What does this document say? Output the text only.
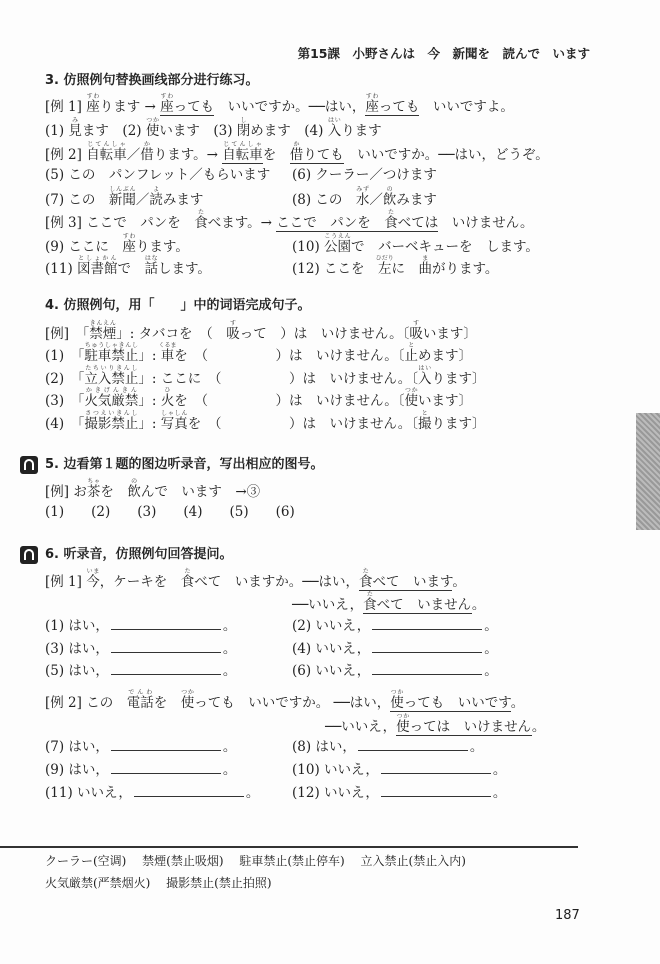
第15課　小野さんは　今　新聞を　読んで　います
3. 仿照例句替换画线部分进行练习。
4. 仿照例句，用「　　」中的词语完成句子。
5. 边看第１题的图边听录音，写出相应的图号。
6. 听录音，仿照例句回答提问。
[例 1] 座すわります → 座すわっても　いいですか。──はい，座すわっても　いいですよ。
(1) 見みます　(2) 使つかいます　(3) 閉しめます　(4) 入はいります
[例 2] 自転車じてんしゃ／借かります。→ 自転車じてんしゃを　借かりても　いいですか。──はい，どうぞ。
(5) この　パンフレット／もらいます (6) クーラー／つけます
(7) この　新聞しんぶん／読よみます	(8) この　水みず／飲のみます
[例 3] ここで　パンを　食たべます。→ ここで　パンを　食たべては　いけません。
(9) ここに　座すわります。	(10) 公園こうえんで　バーベキューを　します。
(11) 図書館としょかんで　話はなします。	(12) ここを　左ひだりに　曲まがります。
[例]　「禁煙きんえん」: タバコを　（　吸すって　）は　いけません。〔吸すいます〕
(1)　「駐車禁止ちゅうしゃきんし」: 車くるまを　（　　　　　）は　いけません。〔止とめます〕
(2)　「立入禁止たちいりきんし」: ここに　（　　　　　）は　いけません。〔入はいります〕
(3)　「火気厳禁かきげんきん」: 火ひを　（　　　　　）は　いけません。〔使つかいます〕
(4)　「撮影禁止さつえいきんし」: 写真しゃしんを　（　　　　　）は　いけません。〔撮とります〕
[例] お茶ちゃを　飲のんで　います　→③
(1)　　(2)　　(3)　　(4)　　(5)　　(6)
[例 1] 今いま，ケーキを　食たべて　いますか。──はい，食たべて　います。
──いいえ，食たべて　いません。
(1) はい，	。	(2) いいえ，	。
(3) はい，	。	(4) いいえ，	。
(5) はい，	。	(6) いいえ，	。
[例 2] この　電話でんわを　使つかっても　いいですか。 ──はい，使つかっても　いいです。
──いいえ，使つかっては　いけません。
(7) はい，	。	(8) はい，	。
(9) はい，	。	(10) いいえ，	。
(11) いいえ，	。 (12) いいえ，	。
クーラー(空调)　 禁煙(禁止吸烟)　 駐車禁止(禁止停车)　 立入禁止(禁止入内)
火気厳禁(严禁烟火)　 撮影禁止(禁止拍照)
187
